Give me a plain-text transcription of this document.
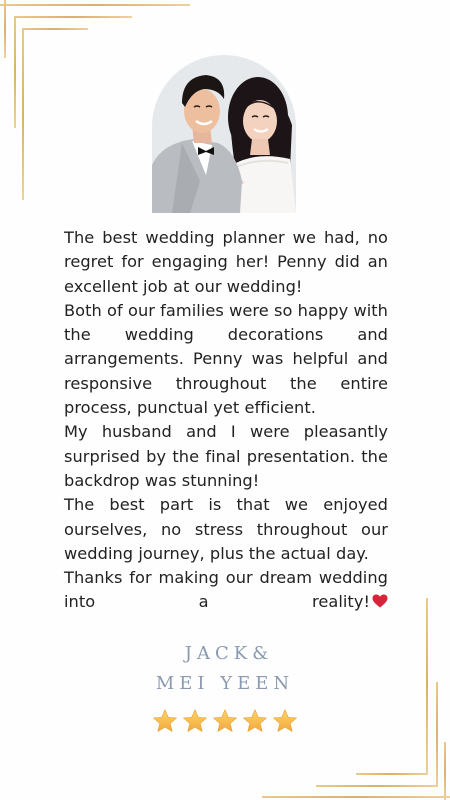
The best wedding planner we had, no regret for engaging her! Penny did an excellent job at our wedding!

Both of our families were so happy with the wedding decorations and arrangements. Penny was helpful and responsive throughout the entire process, punctual yet efficient.

My husband and I were pleasantly surprised by the final presentation. the backdrop was stunning!

The best part is that we enjoyed ourselves, no stress throughout our wedding journey, plus the actual day.

Thanks for making our dream wedding into a reality!

JACK&
MEI YEEN
